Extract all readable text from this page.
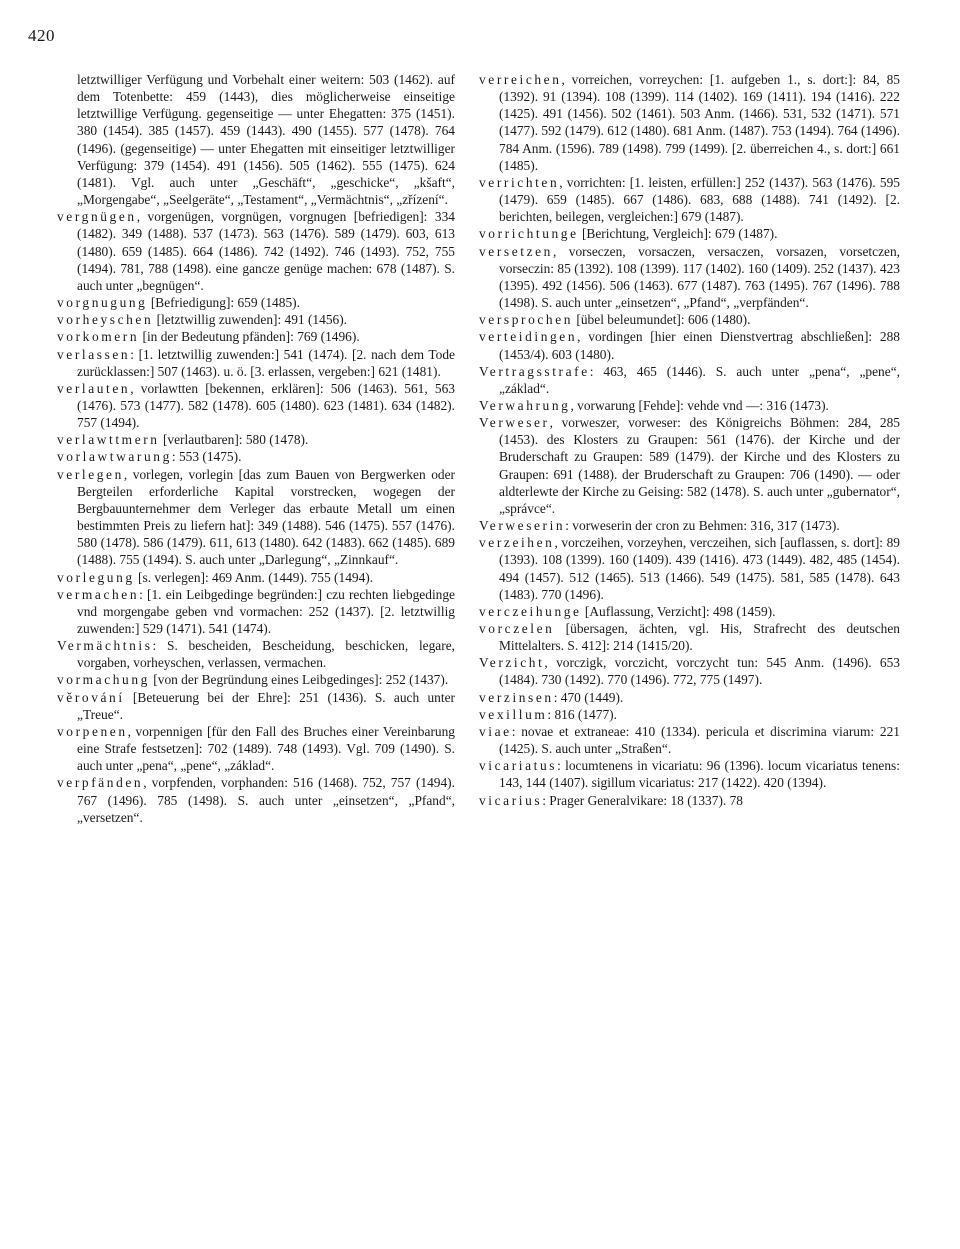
420

letztwilliger Verfügung und Vorbehalt einer weitern: 503 (1462). auf dem Totenbette: 459 (1443), dies möglicherweise einseitige letztwillige Verfügung. gegenseitige — unter Ehegatten: 375 (1451). 380 (1454). 385 (1457). 459 (1443). 490 (1455). 577 (1478). 764 (1496). (gegenseitige) — unter Ehegatten mit einseitiger letztwilliger Verfügung: 379 (1454). 491 (1456). 505 (1462). 555 (1475). 624 (1481). Vgl. auch unter „Geschäft“, „geschicke“, „kšaft“, „Morgengabe“, „Seelgeräte“, „Testament“, „Vermächtnis“, „zřízení“.

vergnügen, vorgenügen, vorgnügen, vorgnugen [befriedigen]: 334 (1482). 349 (1488). 537 (1473). 563 (1476). 589 (1479). 603, 613 (1480). 659 (1485). 664 (1486). 742 (1492). 746 (1493). 752, 755 (1494). 781, 788 (1498). eine gancze genüge machen: 678 (1487). S. auch unter „begnügen“.

vorgnugung [Befriedigung]: 659 (1485).

vorheyschen [letztwillig zuwenden]: 491 (1456).

vorkomern [in der Bedeutung pfänden]: 769 (1496).

verlassen: [1. letztwillig zuwenden:] 541 (1474). [2. nach dem Tode zurücklassen:] 507 (1463). u. ö. [3. erlassen, vergeben:] 621 (1481).

verlauten, vorlawtten [bekennen, erklären]: 506 (1463). 561, 563 (1476). 573 (1477). 582 (1478). 605 (1480). 623 (1481). 634 (1482). 757 (1494).

verlawttmern [verlautbaren]: 580 (1478).

vorlawtwarung: 553 (1475).

verlegen, vorlegen, vorlegin [das zum Bauen von Bergwerken oder Bergteilen erforderliche Kapital vorstrecken, wogegen der Bergbauunternehmer dem Verleger das erbaute Metall um einen bestimmten Preis zu liefern hat]: 349 (1488). 546 (1475). 557 (1476). 580 (1478). 586 (1479). 611, 613 (1480). 642 (1483). 662 (1485). 689 (1488). 755 (1494). S. auch unter „Darlegung“, „Zinnkauf“.

vorlegung [s. verlegen]: 469 Anm. (1449). 755 (1494).

vermachen: [1. ein Leibgedinge begründen:] czu rechten liebgedinge vnd morgengabe geben vnd vormachen: 252 (1437). [2. letztwillig zuwenden:] 529 (1471). 541 (1474).

Vermächtnis: S. bescheiden, Bescheidung, beschicken, legare, vorgaben, vorheyschen, verlassen, vermachen.

vormachung [von der Begründung eines Leibgedinges]: 252 (1437).

věrování [Beteuerung bei der Ehre]: 251 (1436). S. auch unter „Treue“.

vorpenen, vorpennigen [für den Fall des Bruches einer Vereinbarung eine Strafe festsetzen]: 702 (1489). 748 (1493). Vgl. 709 (1490). S. auch unter „pena“, „pene“, „základ“.

verpfänden, vorpfenden, vorphanden: 516 (1468). 752, 757 (1494). 767 (1496). 785 (1498). S. auch unter „einsetzen“, „Pfand“, „versetzen“.

verreichen, vorreichen, vorreychen: [1. aufgeben 1., s. dort:]: 84, 85 (1392). 91 (1394). 108 (1399). 114 (1402). 169 (1411). 194 (1416). 222 (1425). 491 (1456). 502 (1461). 503 Anm. (1466). 531, 532 (1471). 571 (1477). 592 (1479). 612 (1480). 681 Anm. (1487). 753 (1494). 764 (1496). 784 Anm. (1596). 789 (1498). 799 (1499). [2. überreichen 4., s. dort:] 661 (1485).

verrichten, vorrichten: [1. leisten, erfüllen:] 252 (1437). 563 (1476). 595 (1479). 659 (1485). 667 (1486). 683, 688 (1488). 741 (1492). [2. berichten, beilegen, vergleichen:] 679 (1487).

vorrichtunge [Berichtung, Vergleich]: 679 (1487).

versetzen, vorseczen, vorsaczen, versaczen, vorsazen, vorsetczen, vorseczin: 85 (1392). 108 (1399). 117 (1402). 160 (1409). 252 (1437). 423 (1395). 492 (1456). 506 (1463). 677 (1487). 763 (1495). 767 (1496). 788 (1498). S. auch unter „einsetzen“, „Pfand“, „verpfänden“.

versprochen [übel beleumundet]: 606 (1480).

verteidingen, vordingen [hier einen Dienstvertrag abschließen]: 288 (1453/4). 603 (1480).

Vertragsstrafe: 463, 465 (1446). S. auch unter „pena“, „pene“, „základ“.

Verwahrung, vorwarung [Fehde]: vehde vnd —: 316 (1473).

Verweser, vorweszer, vorweser: des Königreichs Böhmen: 284, 285 (1453). des Klosters zu Graupen: 561 (1476). der Kirche und der Bruderschaft zu Graupen: 589 (1479). der Kirche und des Klosters zu Graupen: 691 (1488). der Bruderschaft zu Graupen: 706 (1490). — oder aldterlewte der Kirche zu Geising: 582 (1478). S. auch unter „gubernator“, „správce“.

Verweserin: vorweserin der cron zu Behmen: 316, 317 (1473).

verzeihen, vorczeihen, vorzeyhen, verczeihen, sich [auflassen, s. dort]: 89 (1393). 108 (1399). 160 (1409). 439 (1416). 473 (1449). 482, 485 (1454). 494 (1457). 512 (1465). 513 (1466). 549 (1475). 581, 585 (1478). 643 (1483). 770 (1496).

verczeihunge [Auflassung, Verzicht]: 498 (1459).

vorczelen [übersagen, ächten, vgl. His, Strafrecht des deutschen Mittelalters. S. 412]: 214 (1415/20).

Verzicht, vorczigk, vorczicht, vorczycht tun: 545 Anm. (1496). 653 (1484). 730 (1492). 770 (1496). 772, 775 (1497).

verzinsen: 470 (1449).

vexillum: 816 (1477).

viae: novae et extraneae: 410 (1334). pericula et discrimina viarum: 221 (1425). S. auch unter „Straßen“.

vicariatus: locumtenens in vicariatu: 96 (1396). locum vicariatus tenens: 143, 144 (1407). sigillum vicariatus: 217 (1422). 420 (1394).

vicarius: Prager Generalvikare: 18 (1337). 78
